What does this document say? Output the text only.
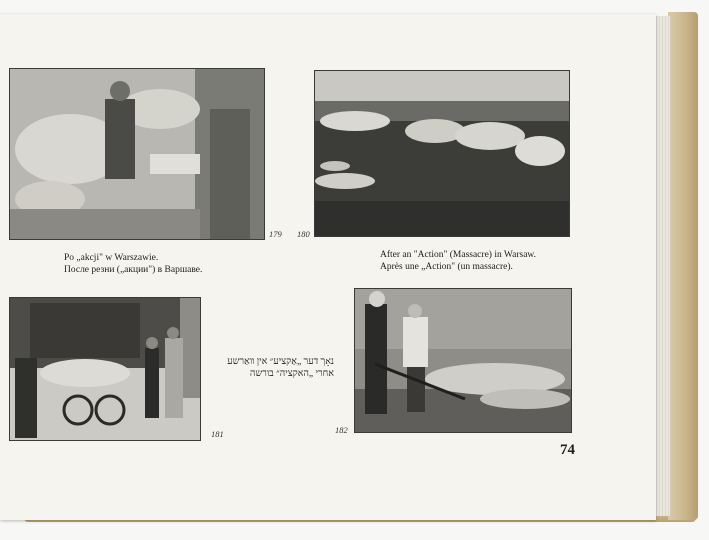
179 180
Po „akcji" w Warszawie.
После резни („акции") в Варшаве.
After an "Action" (Massacre) in Warsaw.
Après une „Action" (un massacre).
181
נאָך דער „אַקציע״ אין װאַרשע
אחרי „האקציה״ בורשה
182
74
